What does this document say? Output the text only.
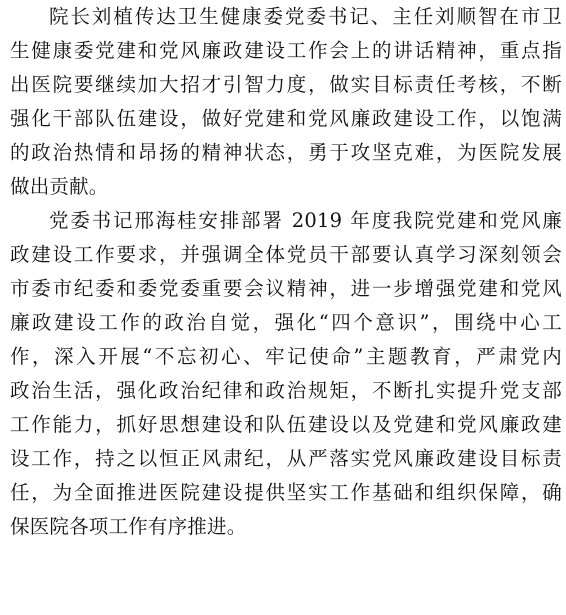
院长刘植传达卫生健康委党委书记、主任刘顺智在市卫
生健康委党建和党风廉政建设工作会上的讲话精神，重点指
出医院要继续加大招才引智力度，做实目标责任考核，不断
强化干部队伍建设，做好党建和党风廉政建设工作，以饱满
的政治热情和昂扬的精神状态，勇于攻坚克难，为医院发展
做出贡献。
党委书记邢海桂安排部署 2019 年度我院党建和党风廉
政建设工作要求，并强调全体党员干部要认真学习深刻领会
市委市纪委和委党委重要会议精神，进一步增强党建和党风
廉政建设工作的政治自觉，强化“四个意识”，围绕中心工
作，深入开展“不忘初心、牢记使命”主题教育，严肃党内
政治生活，强化政治纪律和政治规矩，不断扎实提升党支部
工作能力，抓好思想建设和队伍建设以及党建和党风廉政建
设工作，持之以恒正风肃纪，从严落实党风廉政建设目标责
任，为全面推进医院建设提供坚实工作基础和组织保障，确
保医院各项工作有序推进。
